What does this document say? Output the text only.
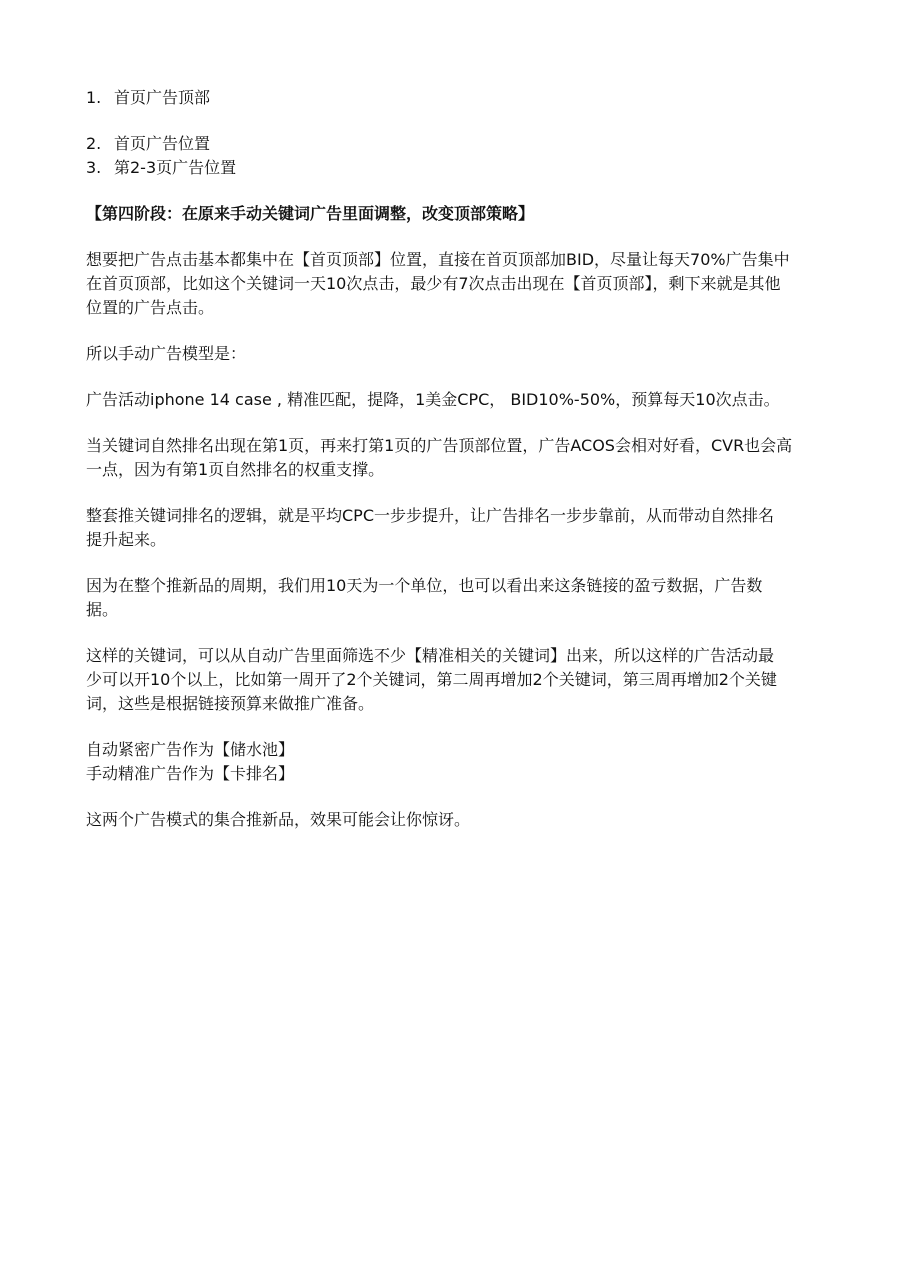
1. 首页广告顶部
2. 首页广告位置
3. 第2-3页广告位置
【第四阶段：在原来手动关键词广告里面调整，改变顶部策略】
想要把广告点击基本都集中在【首页顶部】位置，直接在首页顶部加BID，尽量让每天70%广告集中
在首页顶部，比如这个关键词一天10次点击，最少有7次点击出现在【首页顶部】，剩下来就是其他
位置的广告点击。
所以手动广告模型是：
广告活动iphone 14 case , 精准匹配，提降，1美金CPC， BID10%-50%，预算每天10次点击。
当关键词自然排名出现在第1页，再来打第1页的广告顶部位置，广告ACOS会相对好看，CVR也会高
一点，因为有第1页自然排名的权重支撑。
整套推关键词排名的逻辑，就是平均CPC一步步提升，让广告排名一步步靠前，从而带动自然排名
提升起来。
因为在整个推新品的周期，我们用10天为一个单位，也可以看出来这条链接的盈亏数据，广告数
据。
这样的关键词，可以从自动广告里面筛选不少【精准相关的关键词】出来，所以这样的广告活动最
少可以开10个以上，比如第一周开了2个关键词，第二周再增加2个关键词，第三周再增加2个关键
词，这些是根据链接预算来做推广准备。
自动紧密广告作为【储水池】
手动精准广告作为【卡排名】
这两个广告模式的集合推新品，效果可能会让你惊讶。
